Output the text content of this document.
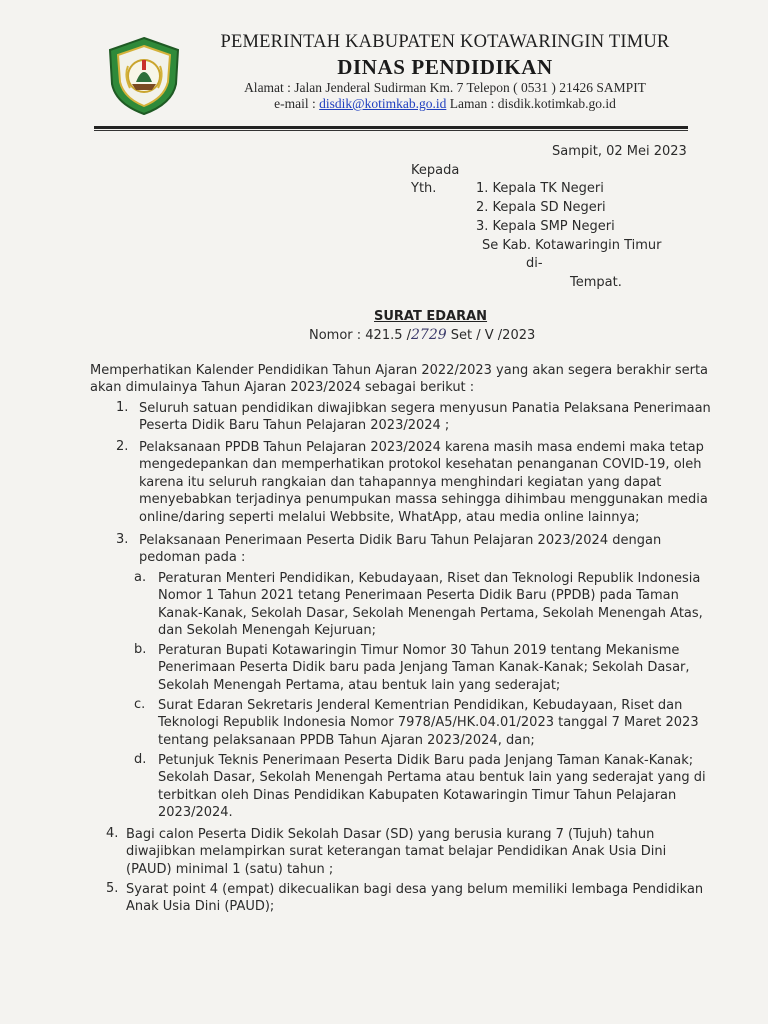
PEMERINTAH KABUPATEN KOTAWARINGIN TIMUR
DINAS PENDIDIKAN
Alamat : Jalan Jenderal Sudirman Km. 7 Telepon ( 0531 ) 21426 SAMPIT
e-mail : disdik@kotimkab.go.id Laman : disdik.kotimkab.go.id
Sampit, 02 Mei 2023
Kepada
Yth.	1. Kepala TK Negeri
2. Kepala SD Negeri
3. Kepala SMP Negeri
Se Kab. Kotawaringin Timur
di-
Tempat.
SURAT EDARAN
Nomor : 421.5 /2729 Set / V /2023
Memperhatikan Kalender Pendidikan Tahun Ajaran 2022/2023 yang akan segera berakhir serta
akan dimulainya Tahun Ajaran 2023/2024 sebagai berikut :
1. Seluruh satuan pendidikan diwajibkan segera menyusun Panatia Pelaksana Penerimaan
Peserta Didik Baru Tahun Pelajaran 2023/2024 ;
2. Pelaksanaan PPDB Tahun Pelajaran 2023/2024 karena masih masa endemi maka tetap
mengedepankan dan memperhatikan protokol kesehatan penanganan COVID-19, oleh
karena itu seluruh rangkaian dan tahapannya menghindari kegiatan yang dapat
menyebabkan terjadinya penumpukan massa sehingga dihimbau menggunakan media
online/daring seperti melalui Webbsite, WhatApp, atau media online lainnya;
3. Pelaksanaan Penerimaan Peserta Didik Baru Tahun Pelajaran 2023/2024 dengan
pedoman pada :
a. Peraturan Menteri Pendidikan, Kebudayaan, Riset dan Teknologi Republik Indonesia
Nomor 1 Tahun 2021 tetang Penerimaan Peserta Didik Baru (PPDB) pada Taman
Kanak-Kanak, Sekolah Dasar, Sekolah Menengah Pertama, Sekolah Menengah Atas,
dan Sekolah Menengah Kejuruan;
b. Peraturan Bupati Kotawaringin Timur Nomor 30 Tahun 2019 tentang Mekanisme
Penerimaan Peserta Didik baru pada Jenjang Taman Kanak-Kanak; Sekolah Dasar,
Sekolah Menengah Pertama, atau bentuk lain yang sederajat;
c. Surat Edaran Sekretaris Jenderal Kementrian Pendidikan, Kebudayaan, Riset dan
Teknologi Republik Indonesia Nomor 7978/A5/HK.04.01/2023 tanggal 7 Maret 2023
tentang pelaksanaan PPDB Tahun Ajaran 2023/2024, dan;
d. Petunjuk Teknis Penerimaan Peserta Didik Baru pada Jenjang Taman Kanak-Kanak;
Sekolah Dasar, Sekolah Menengah Pertama atau bentuk lain yang sederajat yang di
terbitkan oleh Dinas Pendidikan Kabupaten Kotawaringin Timur Tahun Pelajaran
2023/2024.
4. Bagi calon Peserta Didik Sekolah Dasar (SD) yang berusia kurang 7 (Tujuh) tahun
diwajibkan melampirkan surat keterangan tamat belajar Pendidikan Anak Usia Dini
(PAUD) minimal 1 (satu) tahun ;
5. Syarat point 4 (empat) dikecualikan bagi desa yang belum memiliki lembaga Pendidikan
Anak Usia Dini (PAUD);
